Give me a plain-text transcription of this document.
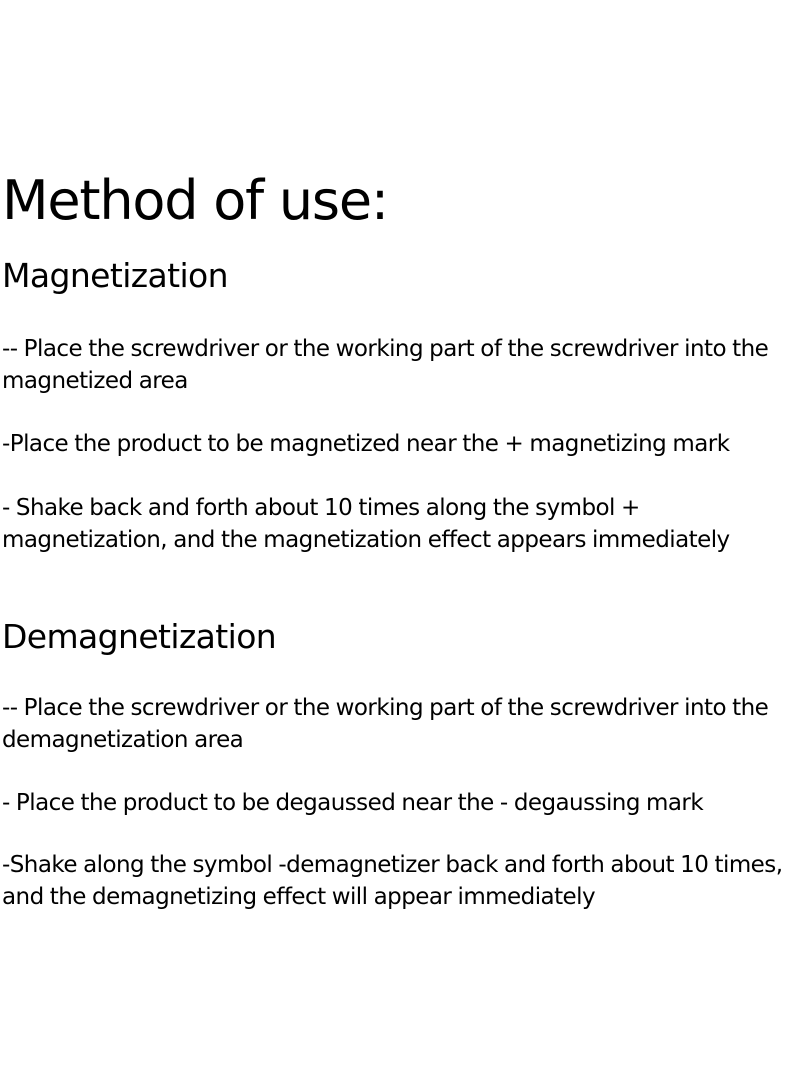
Method of use:
Magnetization

-- Place the screwdriver or the working part of the screwdriver into the magnetized area

-Place the product to be magnetized near the + magnetizing mark

- Shake back and forth about 10 times along the symbol + magnetization, and the magnetization effect appears immediately

Demagnetization

-- Place the screwdriver or the working part of the screwdriver into the demagnetization area

- Place the product to be degaussed near the - degaussing mark

-Shake along the symbol -demagnetizer back and forth about 10 times, and the demagnetizing effect will appear immediately
